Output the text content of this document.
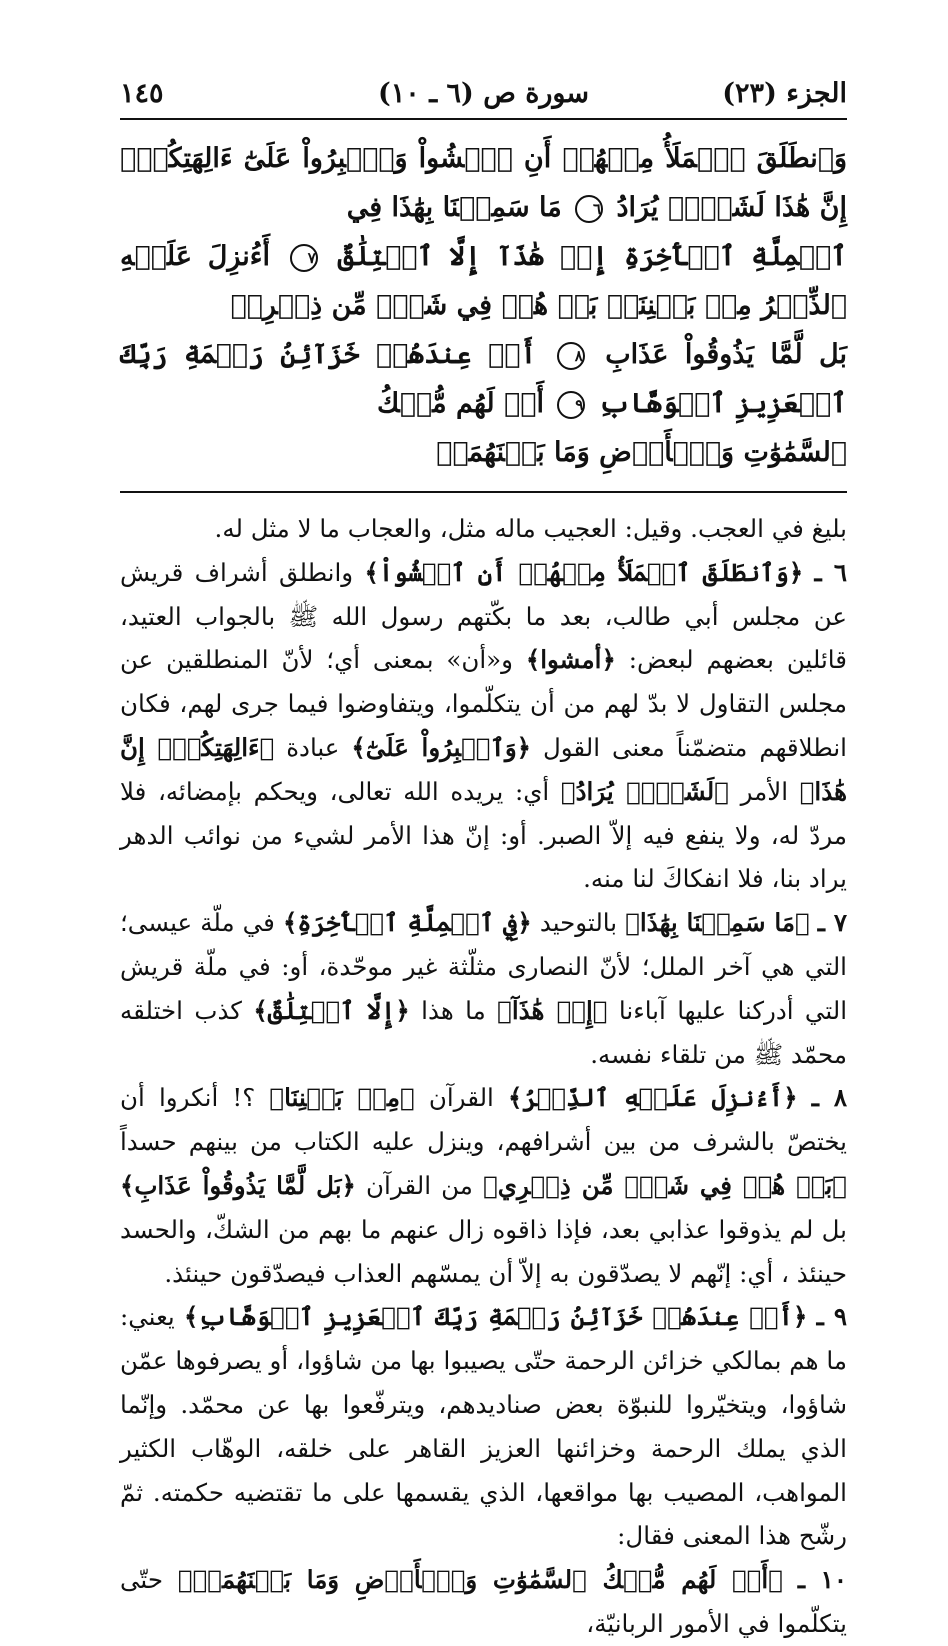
١٤٥	سورة ص (٦ ـ ١٠)	الجزء (٢٣)

وَٱنطَلَقَ ٱلۡمَلَأُ مِنۡهُمۡ أَنِ ٱمۡشُواْ وَٱصۡبِرُواْ عَلَىٰٓ ءَالِهَتِكُمۡۖ إِنَّ هَٰذَا لَشَيۡءٞ يُرَادُ ٦ مَا سَمِعۡنَا بِهَٰذَا فِي

ٱلۡمِلَّةِ ٱلۡأٓخِرَةِ إِنۡ هَٰذَآ إِلَّا ٱخۡتِلَٰقٌ ٧ أَءُنزِلَ عَلَيۡهِ ٱلذِّكۡرُ مِنۢ بَيۡنِنَاۚ بَلۡ هُمۡ فِي شَكّٖ مِّن ذِكۡرِيۚ

بَل لَّمَّا يَذُوقُواْ عَذَابِ ٨ أَمۡ عِندَهُمۡ خَزَآئِنُ رَحۡمَةِ رَبِّكَ ٱلۡعَزِيزِ ٱلۡوَهَّابِ ٩ أَمۡ لَهُم مُّلۡكُ

ٱلسَّمَٰوَٰتِ وَٱلۡأَرۡضِ وَمَا بَيۡنَهُمَاۖ

بليغ في العجب. وقيل: العجيب ماله مثل، والعجاب ما لا مثل له.

٦ ـ ﴿وَٱنطَلَقَ ٱلۡمَلَأُ مِنۡهُمۡ أَنِ ٱمۡشُواْ﴾ وانطلق أشراف قريش عن مجلس أبي طالب، بعد ما بكّتهم رسول الله ﷺ بالجواب العتيد، قائلين بعضهم لبعض: ﴿أمشوا﴾ و«أن» بمعنى أي؛ لأنّ المنطلقين عن مجلس التقاول لا بدّ لهم من أن يتكلّموا، ويتفاوضوا فيما جرى لهم، فكان انطلاقهم متضمّناً معنى القول ﴿وَٱصۡبِرُواْ عَلَىٰٓ﴾ عبادة ﴿ءَالِهَتِكُمۡۖ إِنَّ هَٰذَا﴾ الأمر ﴿لَشَيۡءٞ يُرَادُ﴾ أي: يريده الله تعالى، ويحكم بإمضائه، فلا مردّ له، ولا ينفع فيه إلاّ الصبر. أو: إنّ هذا الأمر لشيء من نوائب الدهر يراد بنا، فلا انفكاكَ لنا منه.

٧ ـ ﴿مَا سَمِعۡنَا بِهَٰذَا﴾ بالتوحيد ﴿فِي ٱلۡمِلَّةِ ٱلۡأٓخِرَةِ﴾ في ملّة عيسى؛ التي هي آخر الملل؛ لأنّ النصارى مثلّثة غير موحّدة، أو: في ملّة قريش التي أدركنا عليها آباءنا ﴿إِنۡ هَٰذَآ﴾ ما هذا ﴿إِلَّا ٱخۡتِلَٰقٌ﴾ كذب اختلقه محمّد ﷺ من تلقاء نفسه.

٨ ـ ﴿أَءُنزِلَ عَلَيۡهِ ٱلذِّكۡرُ﴾ القرآن ﴿مِنۢ بَيۡنِنَا﴾ ؟! أنكروا أن يختصّ بالشرف من بين أشرافهم، وينزل عليه الكتاب من بينهم حسداً ﴿بَلۡ هُمۡ فِي شَكّٖ مِّن ذِكۡرِي﴾ من القرآن ﴿بَل لَّمَّا يَذُوقُواْ عَذَابِ﴾ بل لم يذوقوا عذابي بعد، فإذا ذاقوه زال عنهم ما بهم من الشكّ، والحسد حينئذ ، أي: إنّهم لا يصدّقون به إلاّ أن يمسّهم العذاب فيصدّقون حينئذ.

٩ ـ ﴿أَمۡ عِندَهُمۡ خَزَآئِنُ رَحۡمَةِ رَبِّكَ ٱلۡعَزِيزِ ٱلۡوَهَّابِ﴾ يعني: ما هم بمالكي خزائن الرحمة حتّى يصيبوا بها من شاؤوا، أو يصرفوها عمّن شاؤوا، ويتخيّروا للنبوّة بعض صناديدهم، ويترفّعوا بها عن محمّد. وإنّما الذي يملك الرحمة وخزائنها العزيز القاهر على خلقه، الوهّاب الكثير المواهب، المصيب بها مواقعها، الذي يقسمها على ما تقتضيه حكمته. ثمّ رشّح هذا المعنى فقال:

١٠ ـ ﴿أَمۡ لَهُم مُّلۡكُ ٱلسَّمَٰوَٰتِ وَٱلۡأَرۡضِ وَمَا بَيۡنَهُمَاۖ﴾ حتّى يتكلّموا في الأمور الربانيّة،
